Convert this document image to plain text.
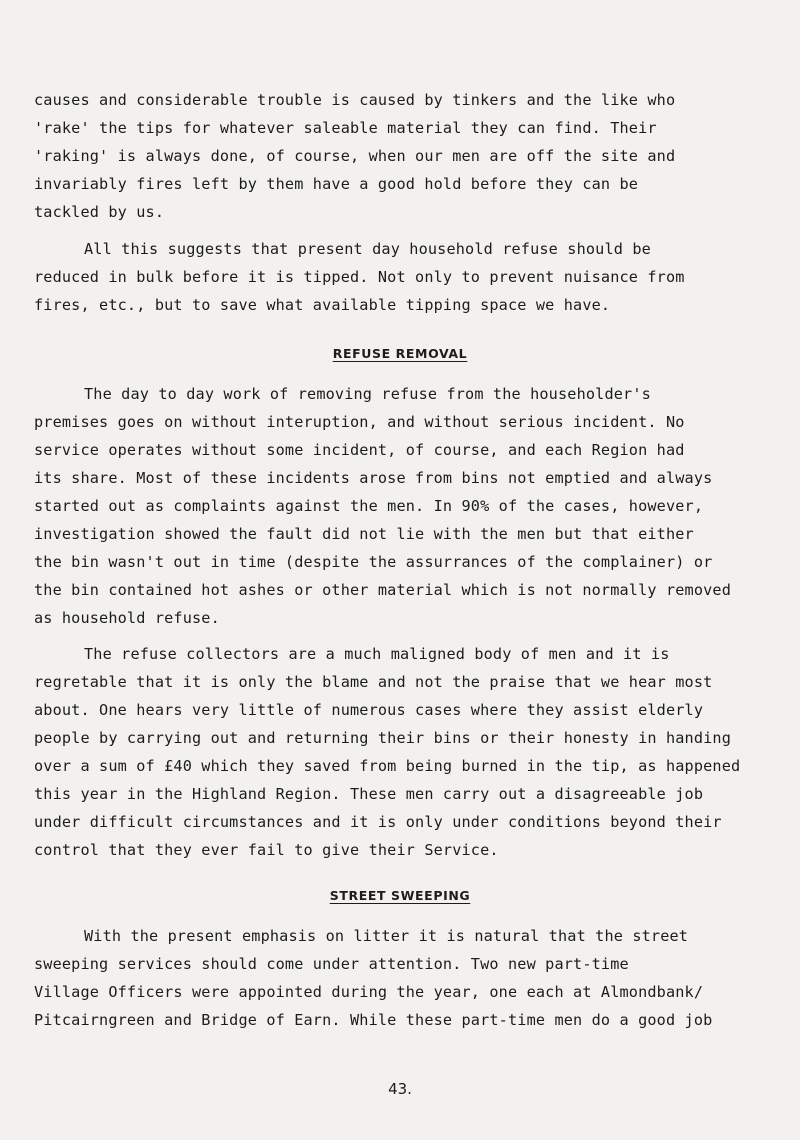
causes and considerable trouble is caused by tinkers and the like who
'rake' the tips for whatever saleable material they can find. Their
'raking' is always done, of course, when our men are off the site and
invariably fires left by them have a good hold before they can be
tackled by us.

All this suggests that present day household refuse should be
reduced in bulk before it is tipped. Not only to prevent nuisance from
fires, etc., but to save what available tipping space we have.

REFUSE REMOVAL

The day to day work of removing refuse from the householder's
premises goes on without interuption, and without serious incident. No
service operates without some incident, of course, and each Region had
its share. Most of these incidents arose from bins not emptied and always
started out as complaints against the men. In 90% of the cases, however,
investigation showed the fault did not lie with the men but that either
the bin wasn't out in time (despite the assurrances of the complainer) or
the bin contained hot ashes or other material which is not normally removed
as household refuse.

The refuse collectors are a much maligned body of men and it is
regretable that it is only the blame and not the praise that we hear most
about. One hears very little of numerous cases where they assist elderly
people by carrying out and returning their bins or their honesty in handing
over a sum of £40 which they saved from being burned in the tip, as happened
this year in the Highland Region. These men carry out a disagreeable job
under difficult circumstances and it is only under conditions beyond their
control that they ever fail to give their Service.

STREET SWEEPING

With the present emphasis on litter it is natural that the street
sweeping services should come under attention. Two new part-time
Village Officers were appointed during the year, one each at Almondbank/
Pitcairngreen and Bridge of Earn. While these part-time men do a good job

43.
